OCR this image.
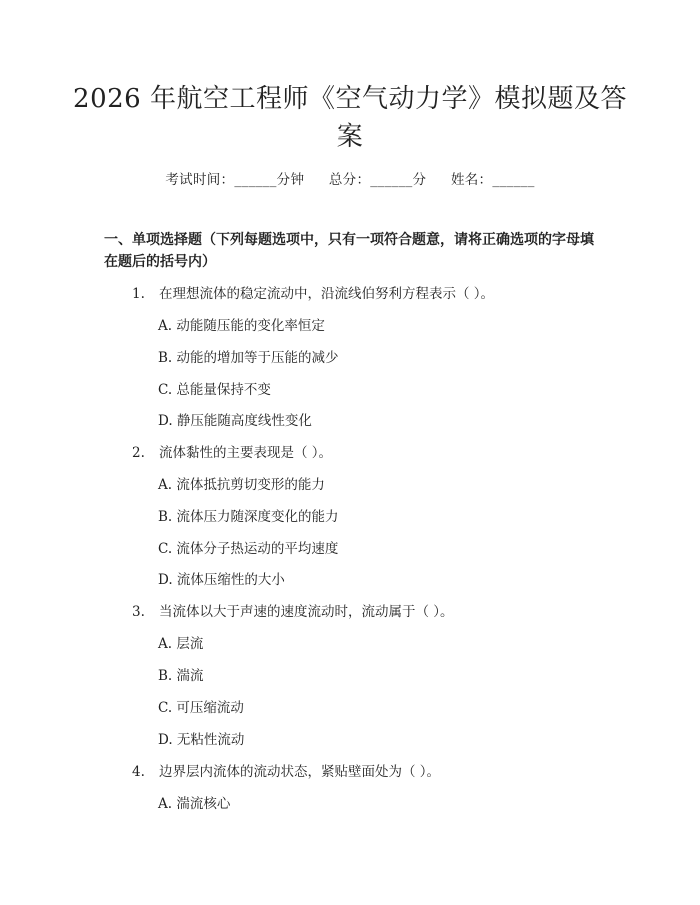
2026 年航空工程师《空气动力学》模拟题及答案
考试时间：______分钟 总分：______分 姓名：______
一、单项选择题（下列每题选项中，只有一项符合题意，请将正确选项的字母填在题后的括号内）
1. 在理想流体的稳定流动中，沿流线伯努利方程表示（ ）。
A. 动能随压能的变化率恒定
B. 动能的增加等于压能的减少
C. 总能量保持不变
D. 静压能随高度线性变化
2. 流体黏性的主要表现是（ ）。
A. 流体抵抗剪切变形的能力
B. 流体压力随深度变化的能力
C. 流体分子热运动的平均速度
D. 流体压缩性的大小
3. 当流体以大于声速的速度流动时，流动属于（ ）。
A. 层流
B. 湍流
C. 可压缩流动
D. 无粘性流动
4. 边界层内流体的流动状态，紧贴壁面处为（ ）。
A. 湍流核心
